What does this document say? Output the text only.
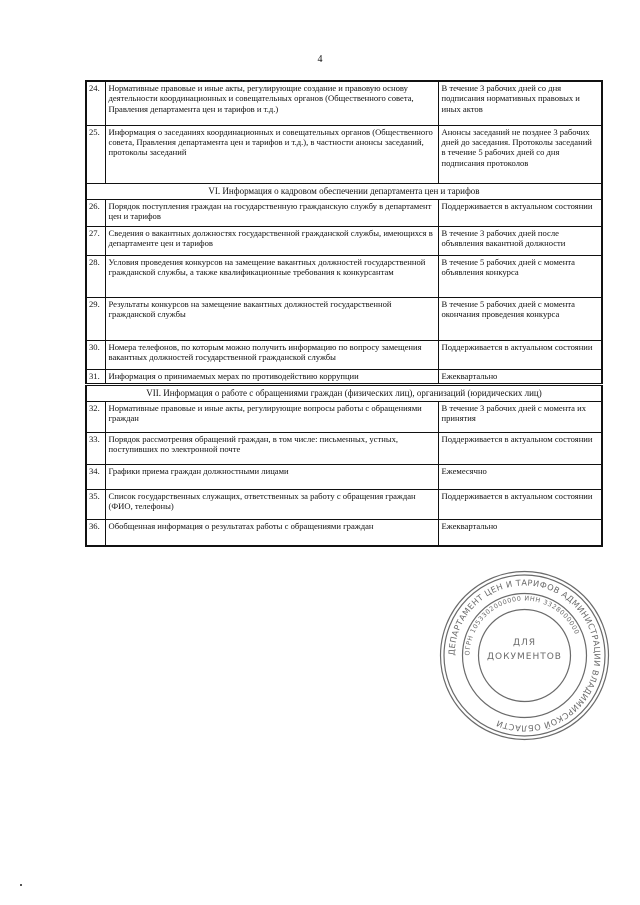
4
24.	Нормативные правовые и иные акты, регулирующие создание и правовую основу деятельности координационных и совещательных органов (Общественного совета, Правления департамента цен и тарифов и т.д.)	В течение 3 рабочих дней со дня подписания нормативных правовых и иных актов
25.	Информация о заседаниях координационных и совещательных органов (Общественного совета, Правления департамента цен и тарифов и т.д.), в частности анонсы заседаний, протоколы заседаний	Анонсы заседаний не позднее 3 рабочих дней до заседания. Протоколы заседаний в течение 5 рабочих дней со дня подписания протоколов
VI. Информация о кадровом обеспечении департамента цен и тарифов		
26.	Порядок поступления граждан на государственную гражданскую службу в департамент цен и тарифов	Поддерживается в актуальном состоянии
27.	Сведения о вакантных должностях государственной гражданской службы, имеющихся в департаменте цен и тарифов	В течение 3 рабочих дней после объявления вакантной должности
28.	Условия проведения конкурсов на замещение вакантных должностей государственной гражданской службы, а также квалификационные требования к конкурсантам	В течение 5 рабочих дней с момента объявления конкурса
29.	Результаты конкурсов на замещение вакантных должностей государственной гражданской службы	В течение 5 рабочих дней с момента окончания проведения конкурса
30.	Номера телефонов, по которым можно получить информацию по вопросу замещения вакантных должностей государственной гражданской службы	Поддерживается в актуальном состоянии
31.	Информация о принимаемых мерах по противодействию коррупции	Ежеквартально
VII. Информация о работе с обращениями граждан (физических лиц), организаций (юридических лиц)		
32.	Нормативные правовые и иные акты, регулирующие вопросы работы с обращениями граждан	В течение 3 рабочих дней с момента их принятия
33.	Порядок рассмотрения обращений граждан, в том числе: письменных, устных, поступивших по электронной почте	Поддерживается в актуальном состоянии
34.	Графики приема граждан должностными лицами	Ежемесячно
35.	Список государственных служащих, ответственных за работу с обращения граждан (ФИО, телефоны)	Поддерживается в актуальном состоянии
36.	Обобщенная информация о результатах работы с обращениями граждан	Ежеквартально
ДЕПАРТАМЕНТ ЦЕН И ТАРИФОВ АДМИНИСТРАЦИИ ВЛАДИМИРСКОЙ ОБЛАСТИ
ОГРН 1053302000000 ИНН 3328000000
ДЛЯ
ДОКУМЕНТОВ
